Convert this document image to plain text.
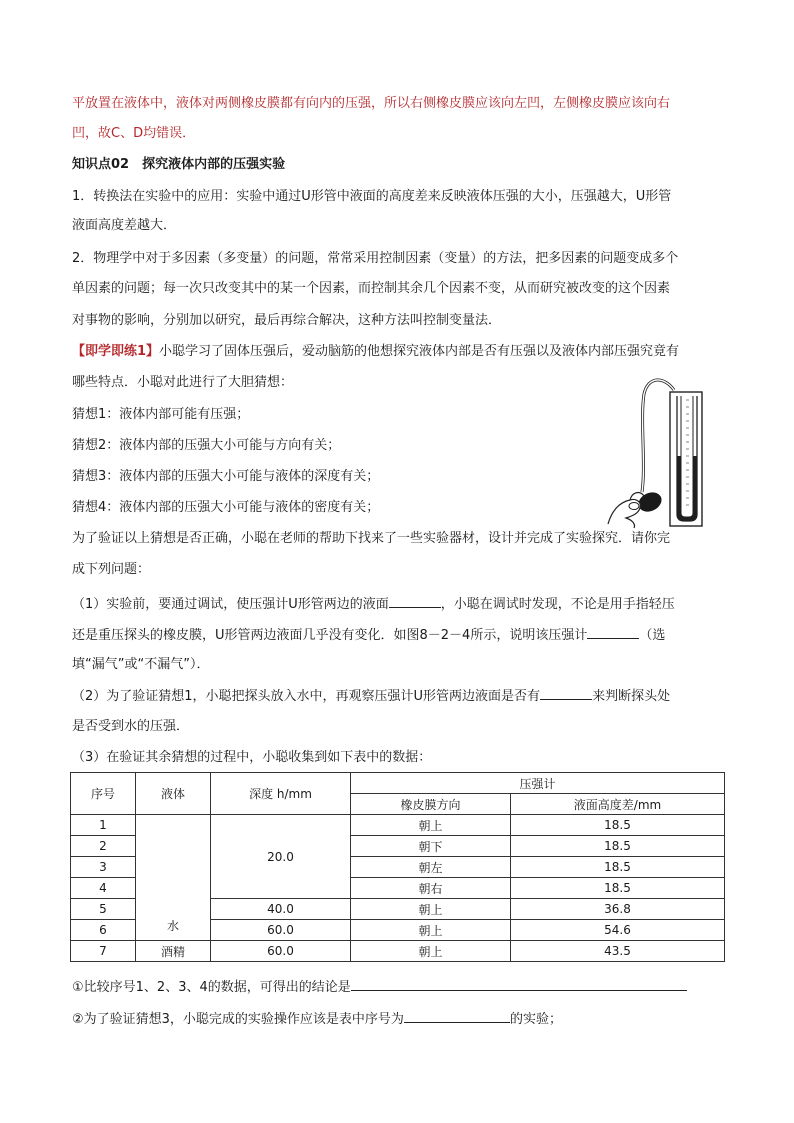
平放置在液体中，液体对两侧橡皮膜都有向内的压强，所以右侧橡皮膜应该向左凹，左侧橡皮膜应该向右
凹，故C、D均错误．
知识点02　探究液体内部的压强实验
1．转换法在实验中的应用：实验中通过U形管中液面的高度差来反映液体压强的大小，压强越大，U形管
液面高度差越大．
2．物理学中对于多因素（多变量）的问题，常常采用控制因素（变量）的方法，把多因素的问题变成多个
单因素的问题；每一次只改变其中的某一个因素，而控制其余几个因素不变，从而研究被改变的这个因素
对事物的影响，分别加以研究，最后再综合解决，这种方法叫控制变量法．
【即学即练1】小聪学习了固体压强后，爱动脑筋的他想探究液体内部是否有压强以及液体内部压强究竟有
哪些特点．小聪对此进行了大胆猜想：
猜想1：液体内部可能有压强；
猜想2：液体内部的压强大小可能与方向有关；
猜想3：液体内部的压强大小可能与液体的深度有关；
猜想4：液体内部的压强大小可能与液体的密度有关；
为了验证以上猜想是否正确，小聪在老师的帮助下找来了一些实验器材，设计并完成了实验探究．请你完
成下列问题：
（1）实验前，要通过调试，使压强计U形管两边的液面	，小聪在调试时发现，不论是用手指轻压
还是重压探头的橡皮膜，U形管两边液面几乎没有变化．如图8－2－4所示，说明该压强计	（选
填“漏气”或“不漏气”）．
（2）为了验证猜想1，小聪把探头放入水中，再观察压强计U形管两边液面是否有	来判断探头处
是否受到水的压强．
（3）在验证其余猜想的过程中，小聪收集到如下表中的数据：
序号	液体	深度 h/mm	压强计	
			橡皮膜方向	液面高度差/mm
1	水	20.0	朝上	18.5
2			朝下	18.5
3			朝左	18.5
4			朝右	18.5
5		40.0	朝上	36.8
6		60.0	朝上	54.6
7	酒精	60.0	朝上	43.5
①比较序号1、2、3、4的数据，可得出的结论是
②为了验证猜想3，小聪完成的实验操作应该是表中序号为	的实验；
